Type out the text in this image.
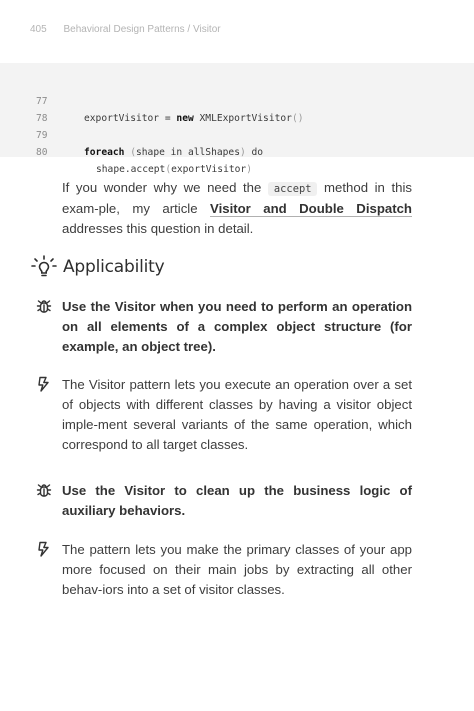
405 Behavioral Design Patterns / Visitor

77

exportVisitor = new XMLExportVisitor()

78

79

foreach (shape in allShapes) do

80

shape.accept(exportVisitor)

If you wonder why we need the accept method in this exam-ple, my article Visitor and Double Dispatch addresses this question in detail.

Applicability

Use the Visitor when you need to perform an operation on all elements of a complex object structure (for example, an object tree).

The Visitor pattern lets you execute an operation over a set of objects with different classes by having a visitor object imple-ment several variants of the same operation, which correspond to all target classes.

Use the Visitor to clean up the business logic of auxiliary behaviors.

The pattern lets you make the primary classes of your app more focused on their main jobs by extracting all other behav-iors into a set of visitor classes.
